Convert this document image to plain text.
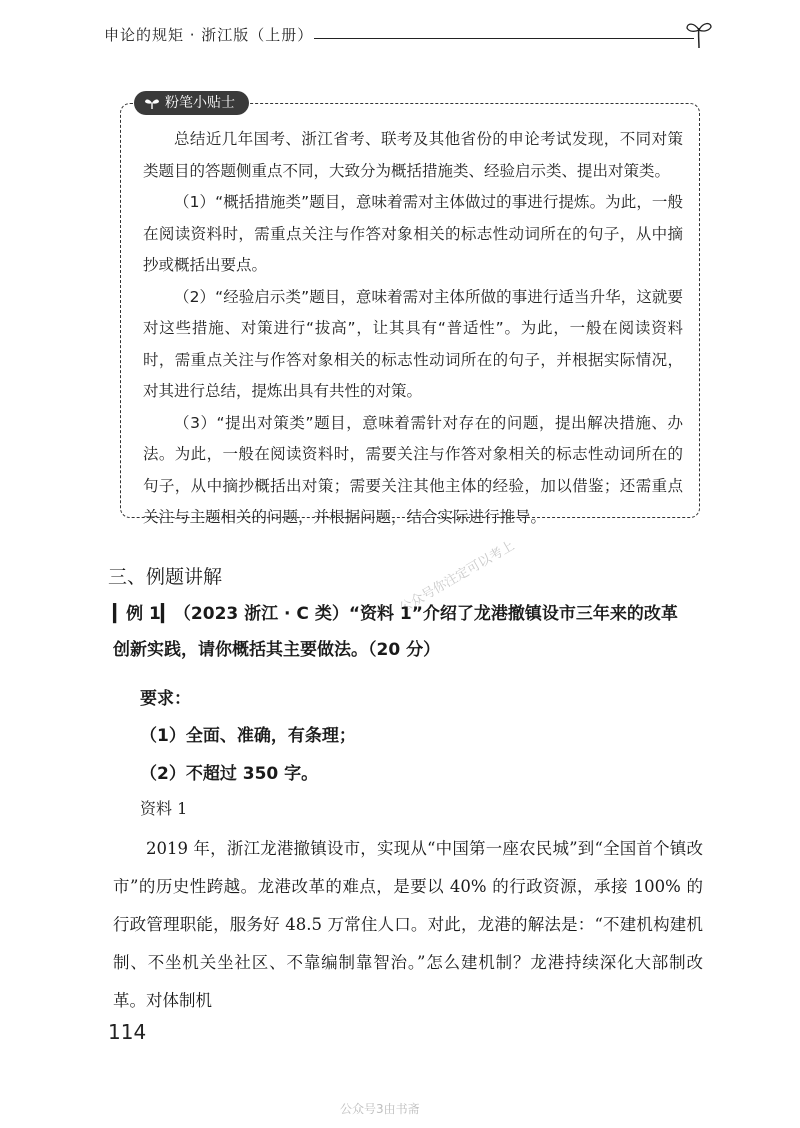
申论的规矩 · 浙江版（上册）
粉笔小贴士

总结近几年国考、浙江省考、联考及其他省份的申论考试发现，不同对策类题目的答题侧重点不同，大致分为概括措施类、经验启示类、提出对策类。

（1）“概括措施类”题目，意味着需对主体做过的事进行提炼。为此，一般在阅读资料时，需重点关注与作答对象相关的标志性动词所在的句子，从中摘抄或概括出要点。

（2）“经验启示类”题目，意味着需对主体所做的事进行适当升华，这就要对这些措施、对策进行“拔高”，让其具有“普适性”。为此，一般在阅读资料时，需重点关注与作答对象相关的标志性动词所在的句子，并根据实际情况，对其进行总结，提炼出具有共性的对策。

（3）“提出对策类”题目，意味着需针对存在的问题，提出解决措施、办法。为此，一般在阅读资料时，需要关注与作答对象相关的标志性动词所在的句子，从中摘抄概括出对策；需要关注其他主体的经验，加以借鉴；还需重点关注与主题相关的问题，并根据问题，结合实际进行推导。

三、例题讲解	公众号你注定可以考上
▎例 1▎（2023 浙江 · C 类）“资料 1”介绍了龙港撤镇设市三年来的改革创新实践，请你概括其主要做法。（20 分）
要求：
（1）全面、准确，有条理；
（2）不超过 350 字。
资料 1

2019 年，浙江龙港撤镇设市，实现从“中国第一座农民城”到“全国首个镇改市”的历史性跨越。龙港改革的难点，是要以 40% 的行政资源，承接 100% 的行政管理职能，服务好 48.5 万常住人口。对此，龙港的解法是：“不建机构建机制、不坐机关坐社区、不靠编制靠智治。”怎么建机制？龙港持续深化大部制改革。对体制机

114
公众号3由书斋
